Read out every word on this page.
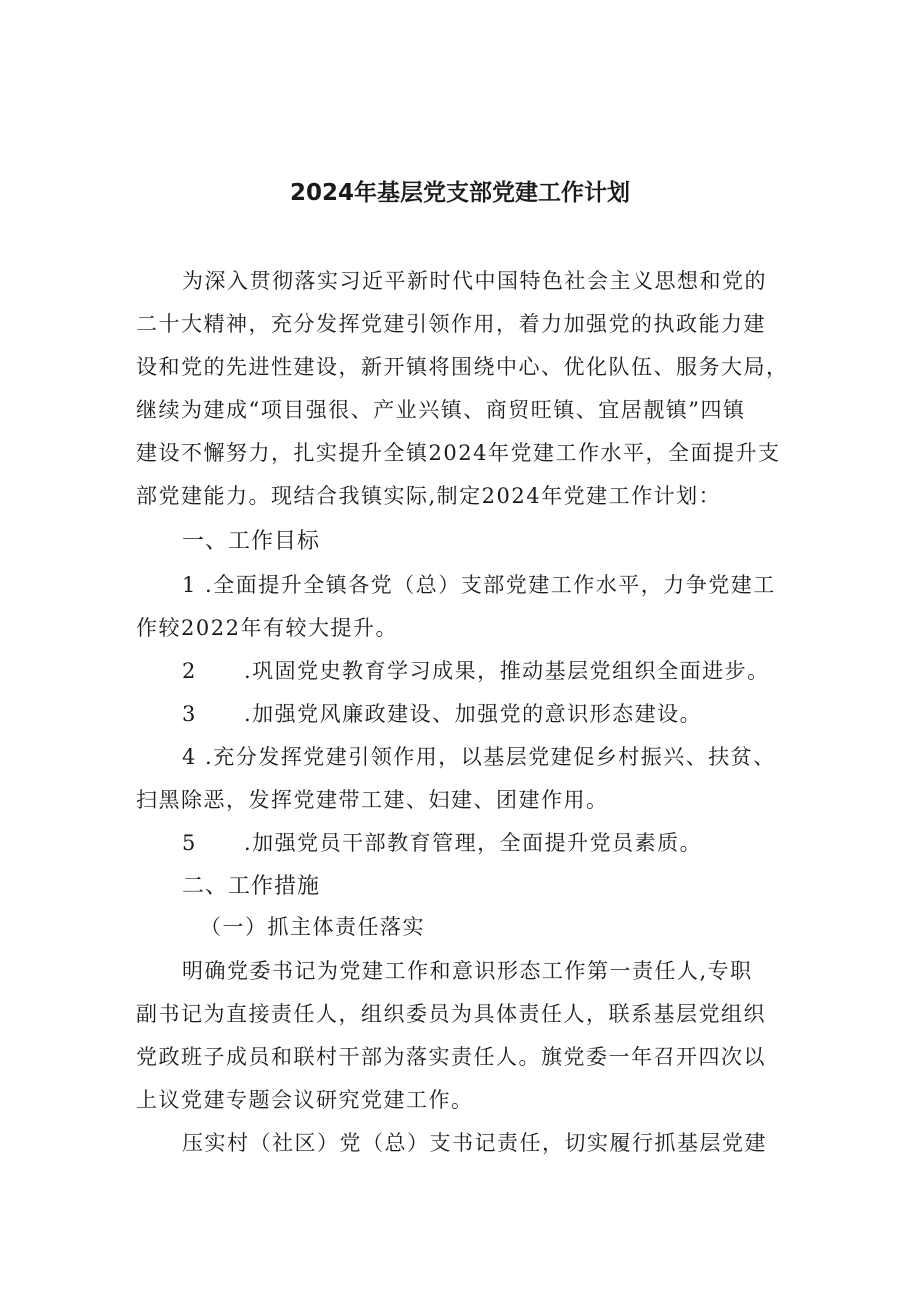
2024年基层党支部党建工作计划
为深入贯彻落实习近平新时代中国特色社会主义思想和党的
二十大精神，充分发挥党建引领作用，着力加强党的执政能力建
设和党的先进性建设，新开镇将围绕中心、优化队伍、服务大局，
继续为建成“项目强很、产业兴镇、商贸旺镇、宜居靓镇”四镇
建设不懈努力，扎实提升全镇2024年党建工作水平，全面提升支
部党建能力。现结合我镇实际,制定2024年党建工作计划：
一、工作目标
1 .全面提升全镇各党（总）支部党建工作水平，力争党建工
作较2022年有较大提升。
2 .巩固党史教育学习成果，推动基层党组织全面进步。
3 .加强党风廉政建设、加强党的意识形态建设。
4 .充分发挥党建引领作用，以基层党建促乡村振兴、扶贫、
扫黑除恶，发挥党建带工建、妇建、团建作用。
5 .加强党员干部教育管理，全面提升党员素质。
二、工作措施
（一）抓主体责任落实
明确党委书记为党建工作和意识形态工作第一责任人,专职
副书记为直接责任人，组织委员为具体责任人，联系基层党组织
党政班子成员和联村干部为落实责任人。旗党委一年召开四次以
上议党建专题会议研究党建工作。
压实村（社区）党（总）支书记责任，切实履行抓基层党建
